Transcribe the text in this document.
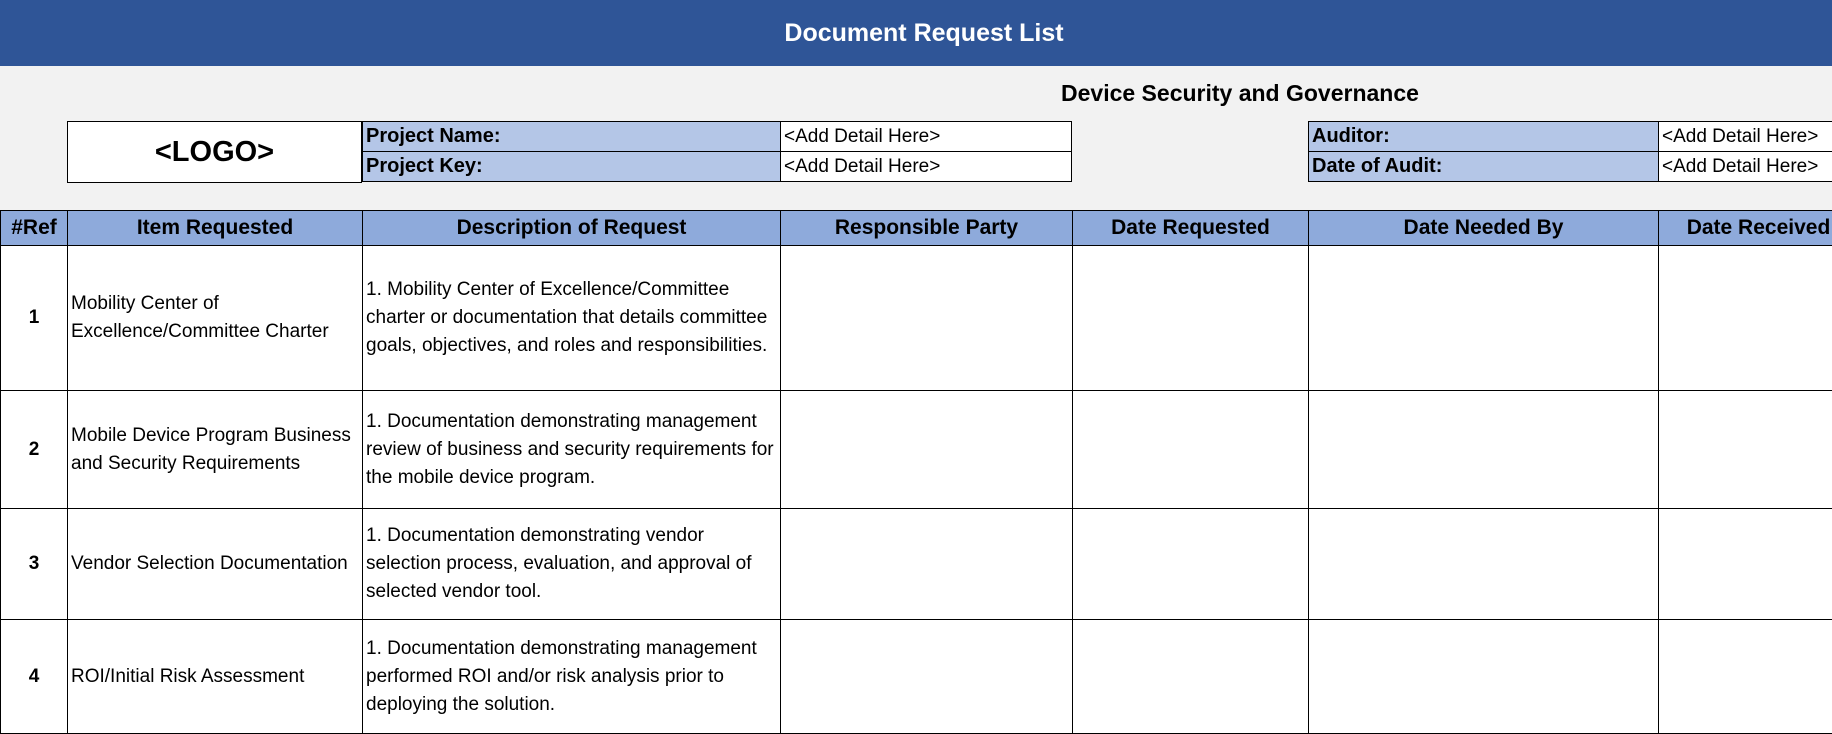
Document Request List
Device Security and Governance
<LOGO>	Project Name:	<Add Detail Here>
Project Key:	<Add Detail Here>
Auditor:	<Add Detail Here>
Date of Audit:	<Add Detail Here>
#Ref	Item Requested	Description of Request	Responsible Party	Date Requested	Date Needed By	Date Received
1	Mobility Center of Excellence/Committee Charter	1. Mobility Center of Excellence/Committee charter or documentation that details committee goals, objectives, and roles and responsibilities.				
2	Mobile Device Program Business and Security Requirements	1. Documentation demonstrating management review of business and security requirements for the mobile device program.				
3	Vendor Selection Documentation	1. Documentation demonstrating vendor selection process, evaluation, and approval of selected vendor tool.				
4	ROI/Initial Risk Assessment	1. Documentation demonstrating management performed ROI and/or risk analysis prior to deploying the solution.				
